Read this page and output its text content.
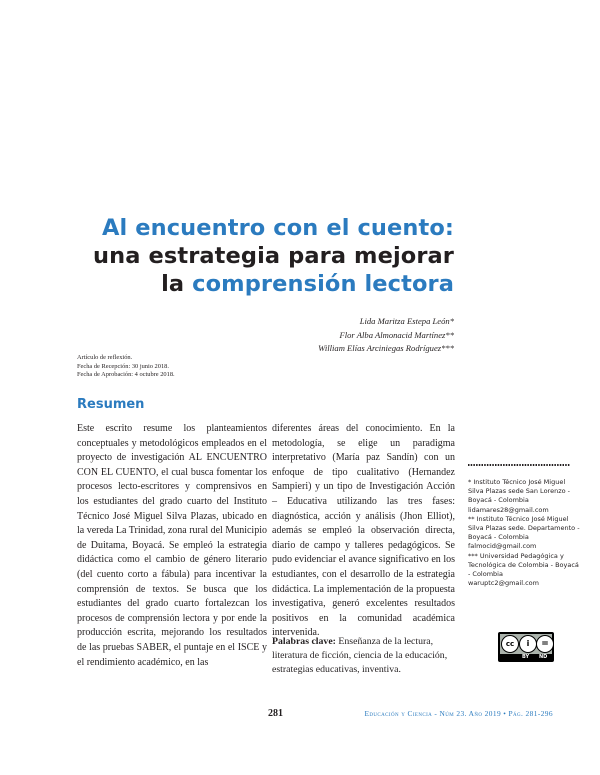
Al encuentro con el cuento:
una estrategia para mejorar
la comprensión lectora
Lida Maritza Estepa León*
Flor Alba Almonacid Martínez**
William Elías Arciniegas Rodríguez***
Artículo de reflexión.
Fecha de Recepción: 30 junio 2018.
Fecha de Aprobación: 4 octubre 2018.
Resumen
Este escrito resume los planteamientos conceptuales y metodológicos empleados en el proyecto de investigación AL ENCUENTRO CON EL CUENTO, el cual busca fomentar los procesos lecto-escritores y comprensivos en los estudiantes del grado cuarto del Instituto Técnico José Miguel Silva Plazas, ubicado en la vereda La Trinidad, zona rural del Municipio de Duitama, Boyacá. Se empleó la estrategia didáctica como el cambio de género literario (del cuento corto a fábula) para incentivar la comprensión de textos. Se busca que los estudiantes del grado cuarto fortalezcan los procesos de comprensión lectora y por ende la producción escrita, mejorando los resultados de las pruebas SABER, el puntaje en el ISCE y el rendimiento académico, en las
diferentes áreas del conocimiento. En la metodología, se elige un paradigma interpretativo (María paz Sandín) con un enfoque de tipo cualitativo (Hernandez Sampieri) y un tipo de Investigación Acción – Educativa utilizando las tres fases: diagnóstica, acción y análisis (Jhon Elliot), además se empleó la observación directa, diario de campo y talleres pedagógicos. Se pudo evidenciar el avance significativo en los estudiantes, con el desarrollo de la estrategia didáctica. La implementación de la propuesta investigativa, generó excelentes resultados positivos en la comunidad académica intervenida.
Palabras clave: Enseñanza de la lectura, literatura de ficción, ciencia de la educación, estrategias educativas, inventiva.
* Instituto Técnico José Miguel Silva Plazas sede San Lorenzo - Boyacá - Colombia
lidamares28@gmail.com
** Instituto Técnico José Miguel Silva Plazas sede. Departamento - Boyacá - Colombia
falmocid@gmail.com
*** Universidad Pedagógica y Tecnológica de Colombia - Boyacá - Colombia
waruptc2@gmail.com
cc	i	=
BY ND
281	Educación y Ciencia - Núm 23. Año 2019 • Pág. 281-296
